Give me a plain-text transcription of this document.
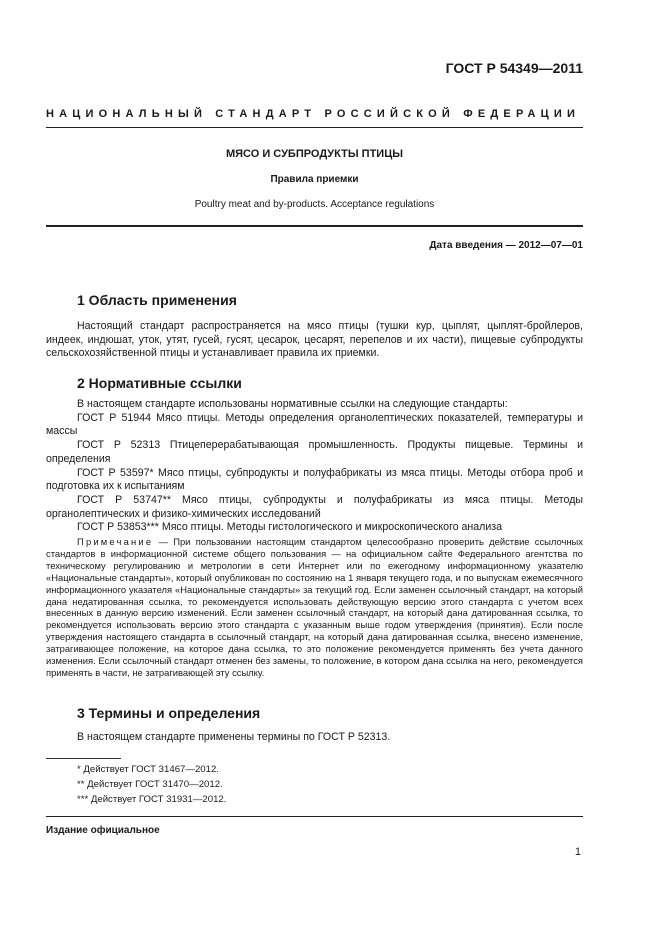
ГОСТ Р 54349—2011
НАЦИОНАЛЬНЫЙ СТАНДАРТ РОССИЙСКОЙ ФЕДЕРАЦИИ
МЯСО И СУБПРОДУКТЫ ПТИЦЫ
Правила приемки
Poultry meat and by-products. Acceptance regulations
Дата введения — 2012—07—01
1 Область применения
Настоящий стандарт распространяется на мясо птицы (тушки кур, цыплят, цыплят-бройлеров, индеек, индюшат, уток, утят, гусей, гусят, цесарок, цесарят, перепелов и их части), пищевые субпродукты сельскохозяйственной птицы и устанавливает правила их приемки.
2 Нормативные ссылки
В настоящем стандарте использованы нормативные ссылки на следующие стандарты:
ГОСТ Р 51944 Мясо птицы. Методы определения органолептических показателей, температуры и массы
ГОСТ Р 52313 Птицеперерабатывающая промышленность. Продукты пищевые. Термины и определения
ГОСТ Р 53597* Мясо птицы, субпродукты и полуфабрикаты из мяса птицы. Методы отбора проб и подготовка их к испытаниям
ГОСТ Р 53747** Мясо птицы, субпродукты и полуфабрикаты из мяса птицы. Методы органолептических и физико-химических исследований
ГОСТ Р 53853*** Мясо птицы. Методы гистологического и микроскопического анализа
Примечание — При пользовании настоящим стандартом целесообразно проверить действие ссылочных стандартов в информационной системе общего пользования — на официальном сайте Федерального агентства по техническому регулированию и метрологии в сети Интернет или по ежегодному информационному указателю «Национальные стандарты», который опубликован по состоянию на 1 января текущего года, и по выпускам ежемесячного информационного указателя «Национальные стандарты» за текущий год. Если заменен ссылочный стандарт, на который дана недатированная ссылка, то рекомендуется использовать действующую версию этого стандарта с учетом всех внесенных в данную версию изменений. Если заменен ссылочный стандарт, на который дана датированная ссылка, то рекомендуется использовать версию этого стандарта с указанным выше годом утверждения (принятия). Если после утверждения настоящего стандарта в ссылочный стандарт, на который дана датированная ссылка, внесено изменение, затрагивающее положение, на которое дана ссылка, то это положение рекомендуется применять без учета данного изменения. Если ссылочный стандарт отменен без замены, то положение, в котором дана ссылка на него, рекомендуется применять в части, не затрагивающей эту ссылку.
3 Термины и определения
В настоящем стандарте применены термины по ГОСТ Р 52313.
* Действует ГОСТ 31467—2012.
** Действует ГОСТ 31470—2012.
*** Действует ГОСТ 31931—2012.
Издание официальное
1
